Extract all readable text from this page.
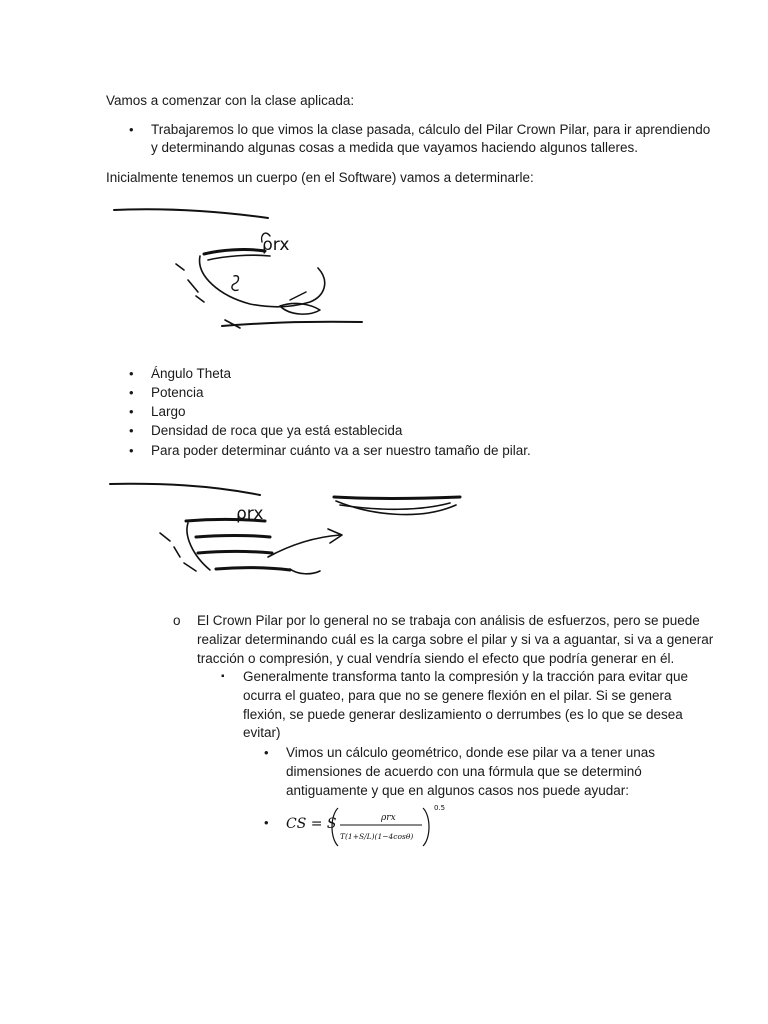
Vamos a comenzar con la clase aplicada:
• Trabajaremos lo que vimos la clase pasada, cálculo del Pilar Crown Pilar, para ir aprendiendo
y determinando algunas cosas a medida que vayamos haciendo algunos talleres.
Inicialmente tenemos un cuerpo (en el Software) vamos a determinarle:
ρrx
• Ángulo Theta
• Potencia
• Largo
• Densidad de roca que ya está establecida
• Para poder determinar cuánto va a ser nuestro tamaño de pilar.
ρrx
o El Crown Pilar por lo general no se trabaja con análisis de esfuerzos, pero se puede
realizar determinando cuál es la carga sobre el pilar y si va a aguantar, si va a generar
tracción o compresión, y cual vendría siendo el efecto que podría generar en él.
▪ Generalmente transforma tanto la compresión y la tracción para evitar que
ocurra el guateo, para que no se genere flexión en el pilar. Si se genera
flexión, se puede generar deslizamiento o derrumbes (es lo que se desea
evitar)
• Vimos un cálculo geométrico, donde ese pilar va a tener unas
dimensiones de acuerdo con una fórmula que se determinó
antiguamente y que en algunos casos nos puede ayudar:
• CS = S	ρrx
T(1+S/L)(1−4cosθ)
0.5
